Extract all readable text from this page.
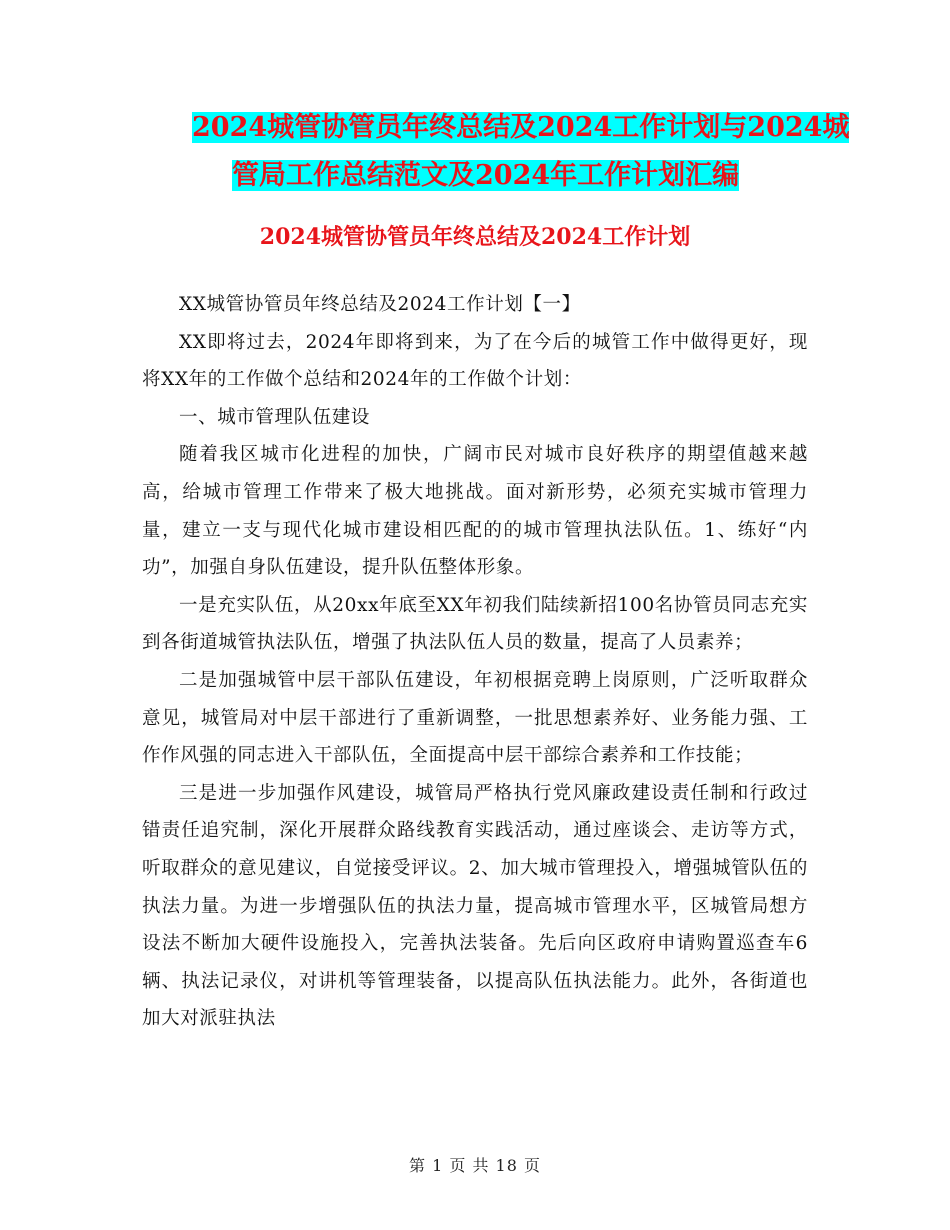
2024城管协管员年终总结及2024工作计划与2024城
管局工作总结范文及2024年工作计划汇编
2024城管协管员年终总结及2024工作计划

XX城管协管员年终总结及2024工作计划【一】

XX即将过去，2024年即将到来，为了在今后的城管工作中做得更好，现将XX年的工作做个总结和2024年的工作做个计划：

一、城市管理队伍建设

随着我区城市化进程的加快，广阔市民对城市良好秩序的期望值越来越高，给城市管理工作带来了极大地挑战。面对新形势，必须充实城市管理力量，建立一支与现代化城市建设相匹配的的城市管理执法队伍。1、练好“内功”，加强自身队伍建设，提升队伍整体形象。

一是充实队伍，从20xx年底至XX年初我们陆续新招100名协管员同志充实到各街道城管执法队伍，增强了执法队伍人员的数量，提高了人员素养；

二是加强城管中层干部队伍建设，年初根据竞聘上岗原则，广泛听取群众意见，城管局对中层干部进行了重新调整，一批思想素养好、业务能力强、工作作风强的同志进入干部队伍，全面提高中层干部综合素养和工作技能；

三是进一步加强作风建设，城管局严格执行党风廉政建设责任制和行政过错责任追究制，深化开展群众路线教育实践活动，通过座谈会、走访等方式，听取群众的意见建议，自觉接受评议。2、加大城市管理投入，增强城管队伍的执法力量。为进一步增强队伍的执法力量，提高城市管理水平，区城管局想方设法不断加大硬件设施投入，完善执法装备。先后向区政府申请购置巡查车6辆、执法记录仪，对讲机等管理装备，以提高队伍执法能力。此外，各街道也加大对派驻执法

第 1 页 共 18 页
